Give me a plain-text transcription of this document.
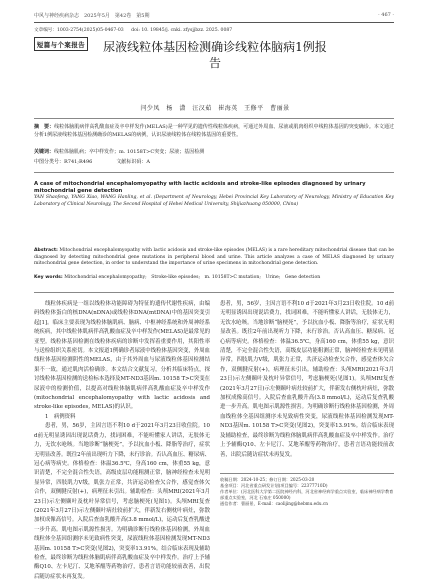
中风与神经疾病杂志　2025年5月　第42卷　第5期	· 467 ·
文章编号：1003-2754(2025)05-0467-03 doi: 10. 19845/j. cnki. zfysjjbzz. 2025. 0087
短篇与个案报告 尿液线粒体基因检测确诊线粒体脑病1例报告
闫少凤 杨　潇 汪汉茹 崔海英 王修平 曹丽景
摘　要：线粒体脑肌病伴高乳酸血症及卒中样发作(MELAS)是一种罕见的遗传性线粒体疾病，可通过外周血、尿液或肌肉组织中线粒体基因的突变确诊。本文通过分析1例尿液线粒体基因检测确诊的MELAS的病例，认识尿液线粒体在线粒体基因的重要性。
关键词：线粒体脑肌病；卒中样发作；m. 10158T>C突变；尿液；基因检测
中图分类号：R741;R496	文献标识码：A
A case of mitochondrial encephalomyopathy with lactic acidosis and stroke-like episodes diagnosed by urinary mitochondrial gene detection
YAN Shaofeng, YANG Xiao, WANG Hanling, et al. (Department of Neurology, Hebei Provincial Key Laboratory of Neurology, Ministry of Education Key Laboratory of Clinical Neurology, The Second Hospital of Hebei Medical University, Shijiazhuang 050000, China)
Abstract: Mitochondrial encephalomyopathy with lactic acidosis and stroke-like episodes (MELAS) is a rare hereditary mitochondrial disease that can be diagnosed by detecting mitochondrial gene mutations in peripheral blood and urine. This article analyzes a case of MELAS diagnosed by urinary mitochondrial gene detection, in order to understand the importance of urine specimens in mitochondrial gene detection.
Key words: Mitochondrial encephalomyopathy;　Stroke-like episodes;　m. 10158T>C mutation;　Urine;　Gene detection

线粒体疾病是一组以线粒体功能障碍为特征的遗传代谢性疾病，由编码线粒体蛋白的核DNA(nDNA)或线粒体DNA(mtDNA)中的基因突变引起[1]。临床主要表现为线粒体脑肌病、脑病、中枢神经系统和外周神经系统疾病，其中线粒体肌病伴高乳酸血症及卒中样发作(MELAS)是最常见的亚型。线粒体基因检测在线粒体疾病的诊断中发挥着重要作用，其阳性率与送检组织关系密切。本文报道1例确诊者尿液中线粒体基因突变，外周血线粒体基因检测阴性的MELAS，由于其外周血与尿液线粒体基因检测结果不一致，通过肌肉活检确诊。本文结合文献复习，分析其临床特点，探讨线粒体基因检测的送检标本选择及MT-ND3基因m. 10158 T>C突变在尿液中的检测价值，以提高对线粒体脑肌病伴高乳酸血症及卒中样发作(mitochondrial encephalomyopathy with lactic acidosis and stroke-like episodes, MELAS)的认识。

1　病例资料

患者，男，56岁，主因言语不利10 d于2021年3月23日收住院。10 d前无明显诱因出现说话费力，找词困难，不能听懂家人讲话，无肢体无力，无饮水呛咳。当地诊断“脑梗死”，予以抗血小板、降脂等治疗，症状无明显改善。既往2年前出现听力下降，未行诊治。否认高血压、糖尿病、冠心病等病史。体格检查：体温36.5℃，身高160 cm，体重55 kg，意识清楚，不完全混合性失语，高级皮层功能粗测正常，脑神经检查未见明显异常，四肢肌力V级，肌张力正常，共济运动检查欠合作，感觉查体欠合作，双侧腱反射(+)，病理征未引出。辅助检查：头颅MRI(2021年3月23日)示左侧颞叶及枕叶异常信号，考虑脑梗死(见图1)。头颅MRI复查(2021年3月27日)示左侧颞叶病灶较前扩大，伴新发右侧枕叶病灶，弥散加权成像高信号。入院后查血乳酸升高(3.8 mmol/L)，运动后复查乳酸进一步升高。肌电图示肌源性损害。为明确诊断行线粒体基因检测，外周血线粒体全基因组测序未见致病性突变，尿液线粒体基因检测发现MT-ND3基因m. 10158 T>C突变(见图2)，突变率13.91%。结合临床表现及辅助检查，最终诊断为线粒体脑肌病伴高乳酸血症及卒中样发作。治疗上予辅酶Q10、左卡尼汀、艾地苯醌等药物治疗，患者言语功能较前改善，出院后随访症状未再复发。

患者，男，56岁，主因言语不利10 d于2021年3月23日收住院。10 d前无明显诱因出现说话费力，找词困难，不能听懂家人讲话，无肢体无力，无饮水呛咳。当地诊断“脑梗死”，予以抗血小板、降脂等治疗，症状无明显改善。既往2年前出现听力下降，未行诊治。否认高血压、糖尿病、冠心病等病史。体格检查：体温36.5℃，身高160 cm，体重55 kg，意识清楚，不完全混合性失语，高级皮层功能粗测正常，脑神经检查未见明显异常，四肢肌力V级，肌张力正常，共济运动检查欠合作，感觉查体欠合作，双侧腱反射(+)，病理征未引出。辅助检查：头颅MRI(2021年3月23日)示左侧颞叶及枕叶异常信号，考虑脑梗死(见图1)。头颅MRI复查(2021年3月27日)示左侧颞叶病灶较前扩大，伴新发右侧枕叶病灶，弥散加权成像高信号。入院后查血乳酸升高(3.8 mmol/L)，运动后复查乳酸进一步升高。肌电图示肌源性损害。为明确诊断行线粒体基因检测，外周血线粒体全基因组测序未见致病性突变，尿液线粒体基因检测发现MT-ND3基因m. 10158 T>C突变(见图2)，突变率13.91%。结合临床表现及辅助检查，最终诊断为线粒体脑肌病伴高乳酸血症及卒中样发作。治疗上予辅酶Q10、左卡尼汀、艾地苯醌等药物治疗，患者言语功能较前改善，出院后随访症状未再复发。

收稿日期：2024-10-25；修订日期：2025-03-20
基金项目：河北省重点研发计划(项目编号：22377710D)
作者单位：(河北医科大学第二医院神经内科，河北省神经病学重点实验室，临床神经病学教育部重点实验室，河北 石家庄 050000)
通信作者：曹丽景，E-mail：caolijing@hebmu.edu.cn
